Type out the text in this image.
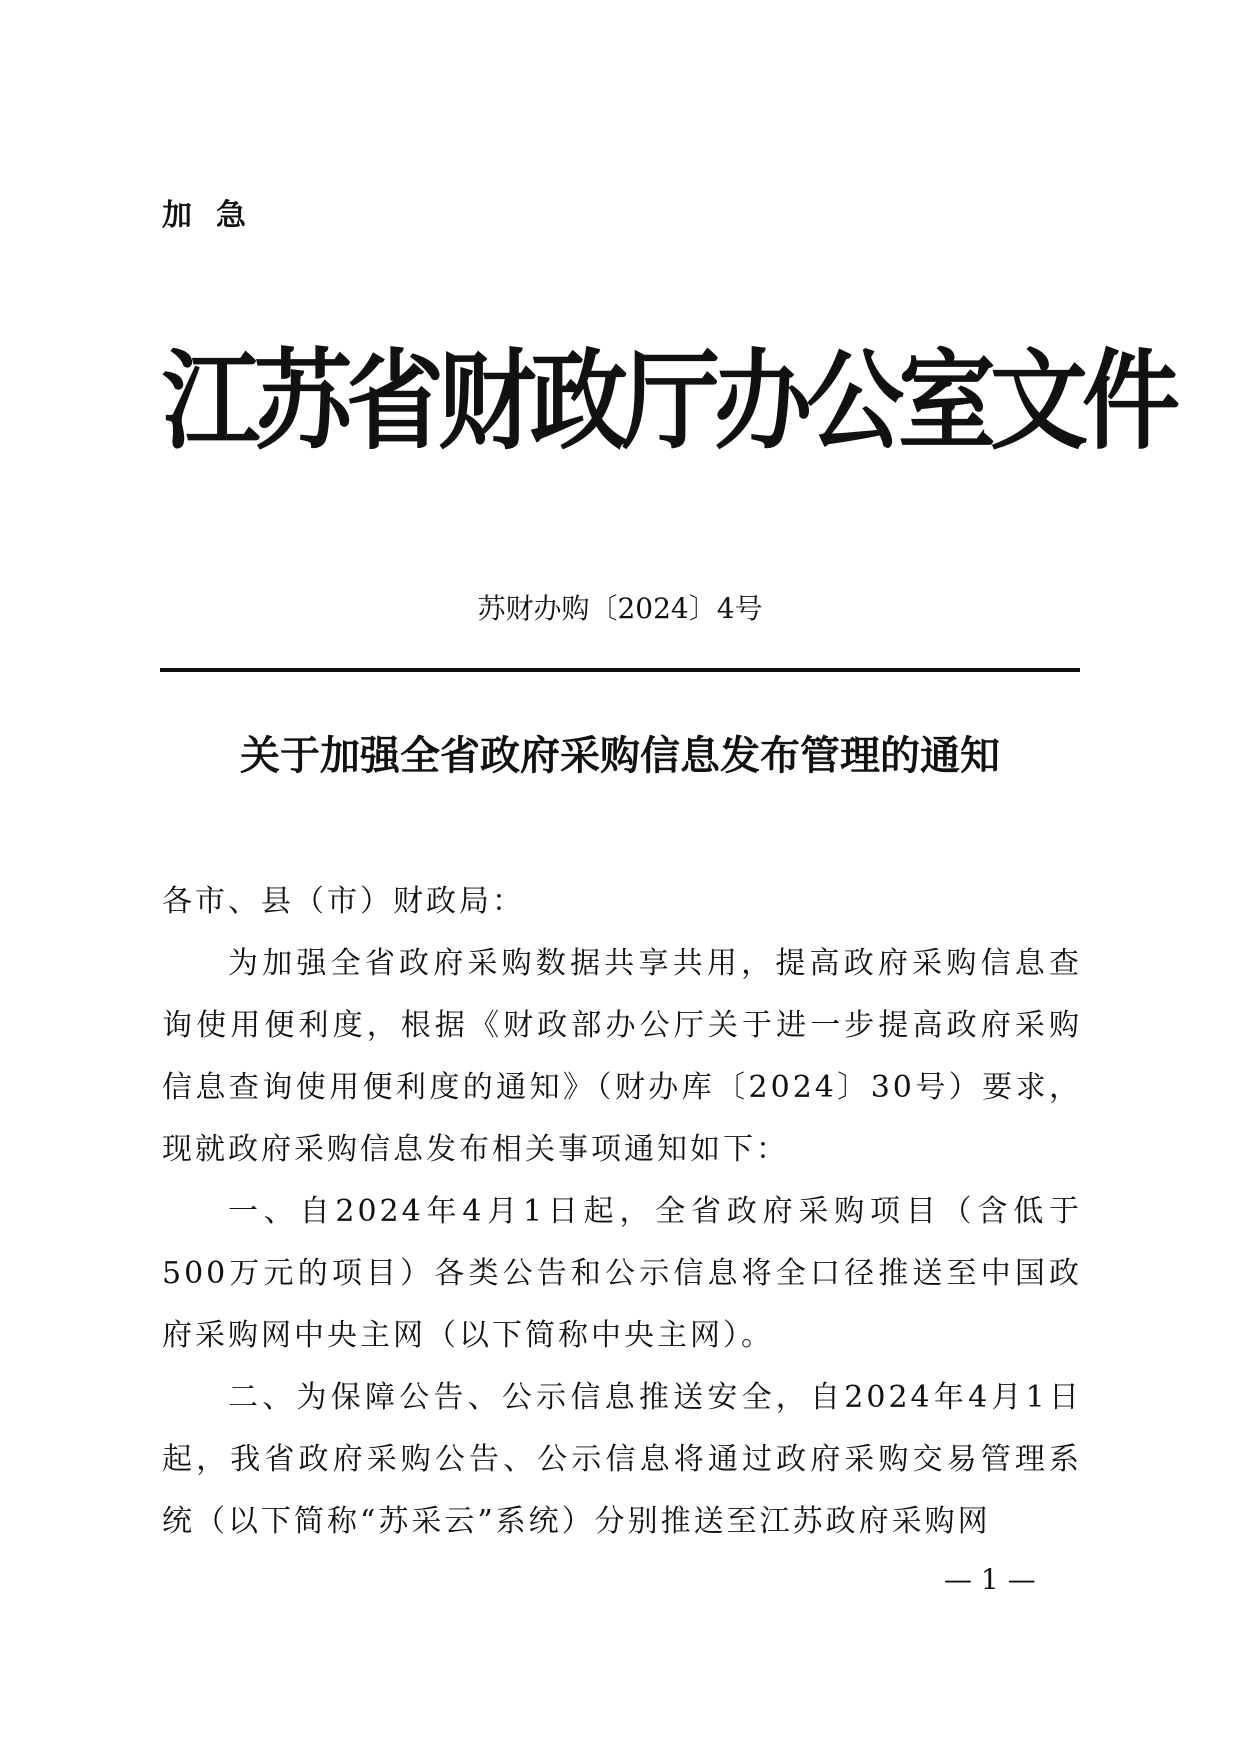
加急
江苏省财政厅办公室文件
苏财办购〔2024〕4号
关于加强全省政府采购信息发布管理的通知

各市、县（市）财政局：

为加强全省政府采购数据共享共用，提高政府采购信息查询使用便利度，根据《财政部办公厅关于进一步提高政府采购信息查询使用便利度的通知》（财办库〔2024〕30号）要求，现就政府采购信息发布相关事项通知如下：

一、自2024年4月1日起，全省政府采购项目（含低于500万元的项目）各类公告和公示信息将全口径推送至中国政府采购网中央主网（以下简称中央主网）。

二、为保障公告、公示信息推送安全，自2024年4月1日起，我省政府采购公告、公示信息将通过政府采购交易管理系统（以下简称“苏采云”系统）分别推送至江苏政府采购网

— 1 —
